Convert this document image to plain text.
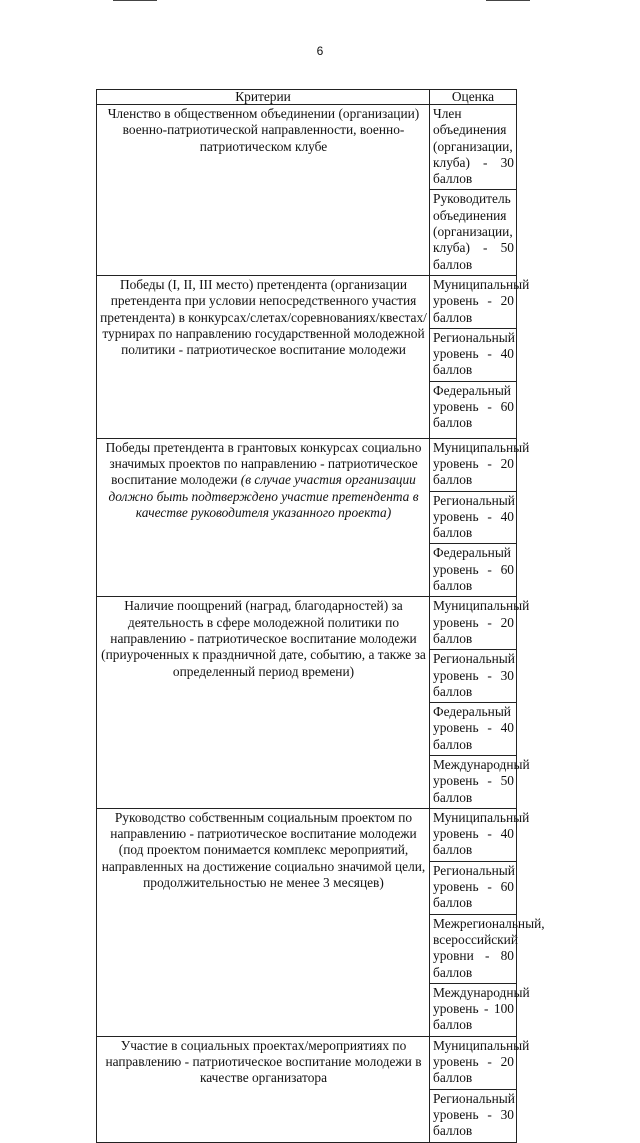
6
Критерии	Оценка
Членство в общественном объединении (организации) военно-патриотической направленности, военно-патриотическом клубе	Член объединения (организации, клуба) - 30 баллов
	Руководитель объединения (организации, клуба) - 50 баллов
Победы (I, II, III место) претендента (организации претендента при условии непосредственного участия претендента) в конкурсах/слетах/соревнованиях/квестах/турнирах по направлению государственной молодежной политики - патриотическое воспитание молодежи	Муниципальный уровень - 20 баллов
	Региональный уровень - 40 баллов
	Федеральный уровень - 60 баллов
Победы претендента в грантовых конкурсах социально значимых проектов по направлению - патриотическое воспитание молодежи (в случае участия организации должно быть подтверждено участие претендента в качестве руководителя указанного проекта)	Муниципальный уровень - 20 баллов
	Региональный уровень - 40 баллов
	Федеральный уровень - 60 баллов
Наличие поощрений (наград, благодарностей) за деятельность в сфере молодежной политики по направлению - патриотическое воспитание молодежи (приуроченных к праздничной дате, событию, а также за определенный период времени)	Муниципальный уровень - 20 баллов
	Региональный уровень - 30 баллов
	Федеральный уровень - 40 баллов
	Международный уровень - 50 баллов
Руководство собственным социальным проектом по направлению - патриотическое воспитание молодежи (под проектом понимается комплекс мероприятий, направленных на достижение социально значимой цели, продолжительностью не менее 3 месяцев)	Муниципальный уровень - 40 баллов
	Региональный уровень - 60 баллов
	Межрегиональный, всероссийский уровни - 80 баллов
	Международный уровень - 100 баллов
Участие в социальных проектах/мероприятиях по направлению - патриотическое воспитание молодежи в качестве организатора	Муниципальный уровень - 20 баллов
	Региональный уровень - 30 баллов
